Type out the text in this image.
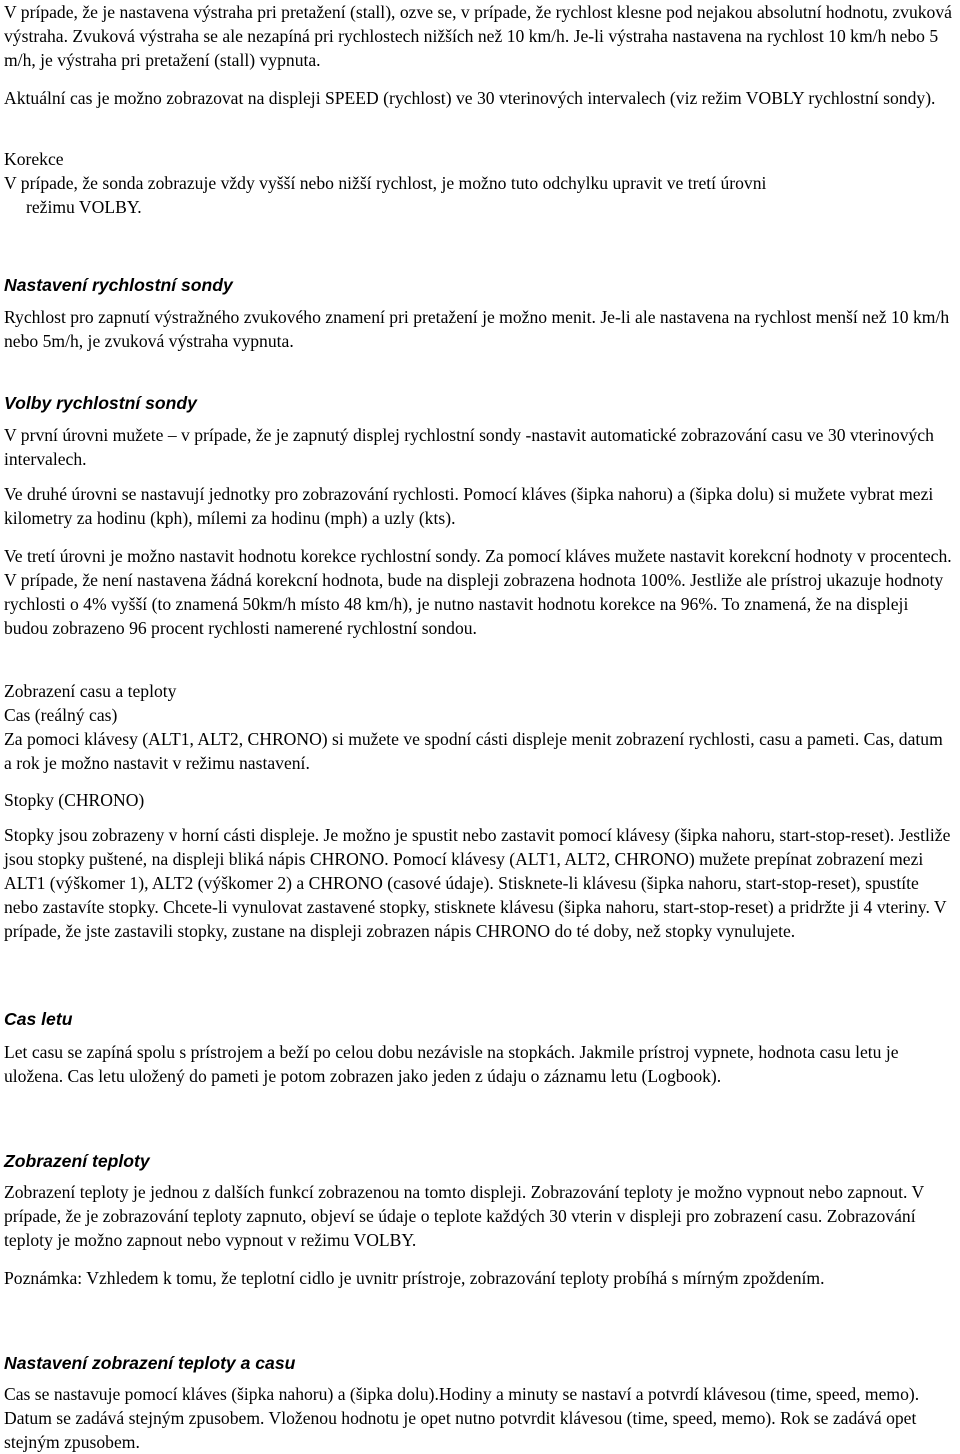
V prípade, že je nastavena výstraha pri pretažení (stall), ozve se, v prípade, že rychlost klesne pod nejakou absolutní hodnotu, zvuková výstraha. Zvuková výstraha se ale nezapíná pri rychlostech nižších než 10 km/h. Je-li výstraha nastavena na rychlost 10 km/h nebo 5 m/h, je výstraha pri pretažení (stall) vypnuta.

Aktuální cas je možno zobrazovat na displeji SPEED (rychlost) ve 30 vterinových intervalech (viz režim VOBLY rychlostní sondy).

Korekce

V prípade, že sonda zobrazuje vždy vyšší nebo nižší rychlost, je možno tuto odchylku upravit ve tretí úrovni

režimu VOLBY.

Nastavení rychlostní sondy

Rychlost pro zapnutí výstražného zvukového znamení pri pretažení je možno menit. Je-li ale nastavena na rychlost menší než 10 km/h nebo 5m/h, je zvuková výstraha vypnuta.

Volby rychlostní sondy

V první úrovni mužete – v prípade, že je zapnutý displej rychlostní sondy -nastavit automatické zobrazování casu ve 30 vterinových intervalech.

Ve druhé úrovni se nastavují jednotky pro zobrazování rychlosti. Pomocí kláves (šipka nahoru) a (šipka dolu) si mužete vybrat mezi kilometry za hodinu (kph), mílemi za hodinu (mph) a uzly (kts).

Ve tretí úrovni je možno nastavit hodnotu korekce rychlostní sondy. Za pomocí kláves mužete nastavit korekcní hodnoty v procentech. V prípade, že není nastavena žádná korekcní hodnota, bude na displeji zobrazena hodnota 100%. Jestliže ale prístroj ukazuje hodnoty rychlosti o 4% vyšší (to znamená 50km/h místo 48 km/h), je nutno nastavit hodnotu korekce na 96%. To znamená, že na displeji budou zobrazeno 96 procent rychlosti namerené rychlostní sondou.

Zobrazení casu a teploty

Cas (reálný cas)

Za pomoci klávesy (ALT1, ALT2, CHRONO) si mužete ve spodní cásti displeje menit zobrazení rychlosti, casu a pameti. Cas, datum a rok je možno nastavit v režimu nastavení.

Stopky (CHRONO)

Stopky jsou zobrazeny v horní cásti displeje. Je možno je spustit nebo zastavit pomocí klávesy (šipka nahoru, start-stop-reset). Jestliže jsou stopky puštené, na displeji bliká nápis CHRONO. Pomocí klávesy (ALT1, ALT2, CHRONO) mužete prepínat zobrazení mezi ALT1 (výškomer 1), ALT2 (výškomer 2) a CHRONO (casové údaje). Stisknete-li klávesu (šipka nahoru, start-stop-reset), spustíte nebo zastavíte stopky. Chcete-li vynulovat zastavené stopky, stisknete klávesu (šipka nahoru, start-stop-reset) a pridržte ji 4 vteriny. V prípade, že jste zastavili stopky, zustane na displeji zobrazen nápis CHRONO do té doby, než stopky vynulujete.

Cas letu

Let casu se zapíná spolu s prístrojem a beží po celou dobu nezávisle na stopkách. Jakmile prístroj vypnete, hodnota casu letu je uložena. Cas letu uložený do pameti je potom zobrazen jako jeden z údaju o záznamu letu (Logbook).

Zobrazení teploty

Zobrazení teploty je jednou z dalších funkcí zobrazenou na tomto displeji. Zobrazování teploty je možno vypnout nebo zapnout. V prípade, že je zobrazování teploty zapnuto, objeví se údaje o teplote každých 30 vterin v displeji pro zobrazení casu. Zobrazování teploty je možno zapnout nebo vypnout v režimu VOLBY.

Poznámka: Vzhledem k tomu, že teplotní cidlo je uvnitr prístroje, zobrazování teploty probíhá s mírným zpoždením.

Nastavení zobrazení teploty a casu

Cas se nastavuje pomocí kláves (šipka nahoru) a (šipka dolu).Hodiny a minuty se nastaví a potvrdí klávesou (time, speed, memo). Datum se zadává stejným zpusobem. Vloženou hodnotu je opet nutno potvrdit klávesou (time, speed, memo). Rok se zadává opet stejným zpusobem.
